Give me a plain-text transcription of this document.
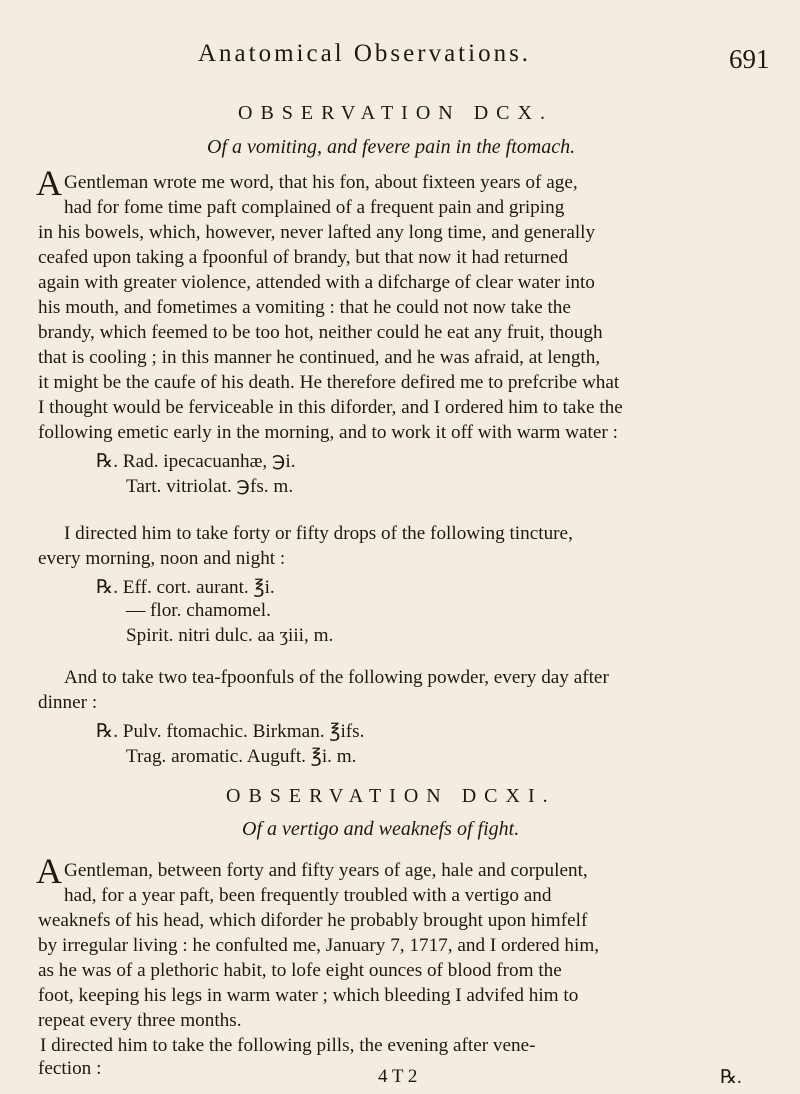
Anatomical Observations.	691
OBSERVATION DCX.
Of a vomiting, and fevere pain in the ftomach.
A Gentleman wrote me word, that his fon, about fixteen years of age,
had for fome time paft complained of a frequent pain and griping
in his bowels, which, however, never lafted any long time, and generally
ceafed upon taking a fpoonful of brandy, but that now it had returned
again with greater violence, attended with a difcharge of clear water into
his mouth, and fometimes a vomiting : that he could not now take the
brandy, which feemed to be too hot, neither could he eat any fruit, though
that is cooling ; in this manner he continued, and he was afraid, at length,
it might be the caufe of his death. He therefore defired me to prefcribe what
I thought would be ferviceable in this diforder, and I ordered him to take the
following emetic early in the morning, and to work it off with warm water :
℞. Rad. ipecacuanhæ, ℈i.
Tart. vitriolat. ℈fs. m.
I directed him to take forty or fifty drops of the following tincture,
every morning, noon and night :
℞. Eff. cort. aurant. ℥i.
— flor. chamomel.
Spirit. nitri dulc. aa ʒiii, m.
And to take two tea-fpoonfuls of the following powder, every day after
dinner :
℞. Pulv. ftomachic. Birkman. ℥ifs.
Trag. aromatic. Auguft. ℥i. m.
OBSERVATION DCXI.
Of a vertigo and weaknefs of fight.
A Gentleman, between forty and fifty years of age, hale and corpulent,
had, for a year paft, been frequently troubled with a vertigo and
weaknefs of his head, which diforder he probably brought upon himfelf
by irregular living : he confulted me, January 7, 1717, and I ordered him,
as he was of a plethoric habit, to lofe eight ounces of blood from the
foot, keeping his legs in warm water ; which bleeding I advifed him to
repeat every three months.
I directed him to take the following pills, the evening after vene-
fection :	4 T 2	℞.
